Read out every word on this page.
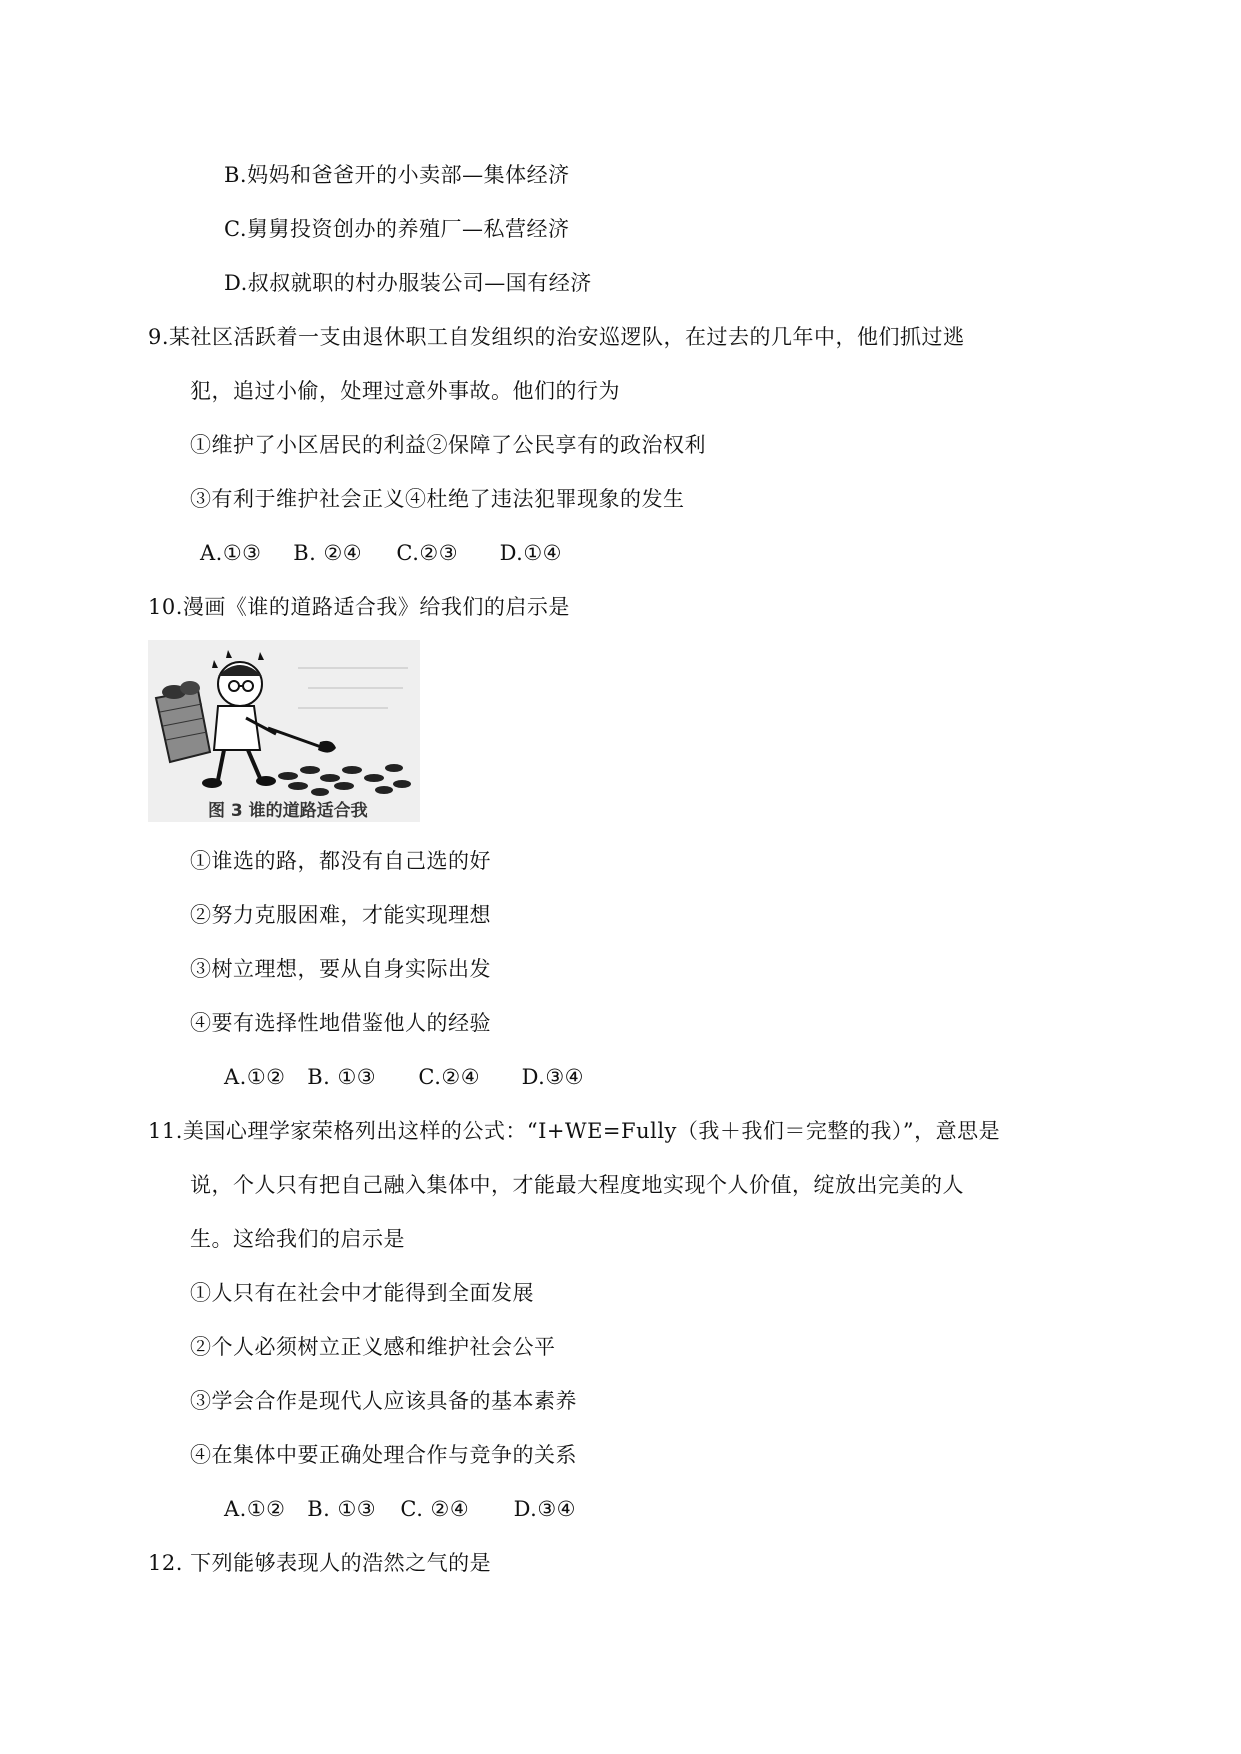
B.妈妈和爸爸开的小卖部—集体经济
C.舅舅投资创办的养殖厂—私营经济
D.叔叔就职的村办服装公司—国有经济
9.某社区活跃着一支由退休职工自发组织的治安巡逻队，在过去的几年中，他们抓过逃
犯，追过小偷，处理过意外事故。他们的行为
①维护了小区居民的利益②保障了公民享有的政治权利
③有利于维护社会正义④杜绝了违法犯罪现象的发生
A.①③ B. ②④ C.②③ D.①④
10.漫画《谁的道路适合我》给我们的启示是
图 3 谁的道路适合我
①谁选的路，都没有自己选的好
②努力克服困难，才能实现理想
③树立理想，要从自身实际出发
④要有选择性地借鉴他人的经验
A.①② B. ①③ C.②④ D.③④
11.美国心理学家荣格列出这样的公式：“I+WE=Fully（我＋我们＝完整的我）”，意思是
说，个人只有把自己融入集体中，才能最大程度地实现个人价值，绽放出完美的人
生。这给我们的启示是
①人只有在社会中才能得到全面发展
②个人必须树立正义感和维护社会公平
③学会合作是现代人应该具备的基本素养
④在集体中要正确处理合作与竞争的关系
A.①② B. ①③ C. ②④ D.③④
12. 下列能够表现人的浩然之气的是
